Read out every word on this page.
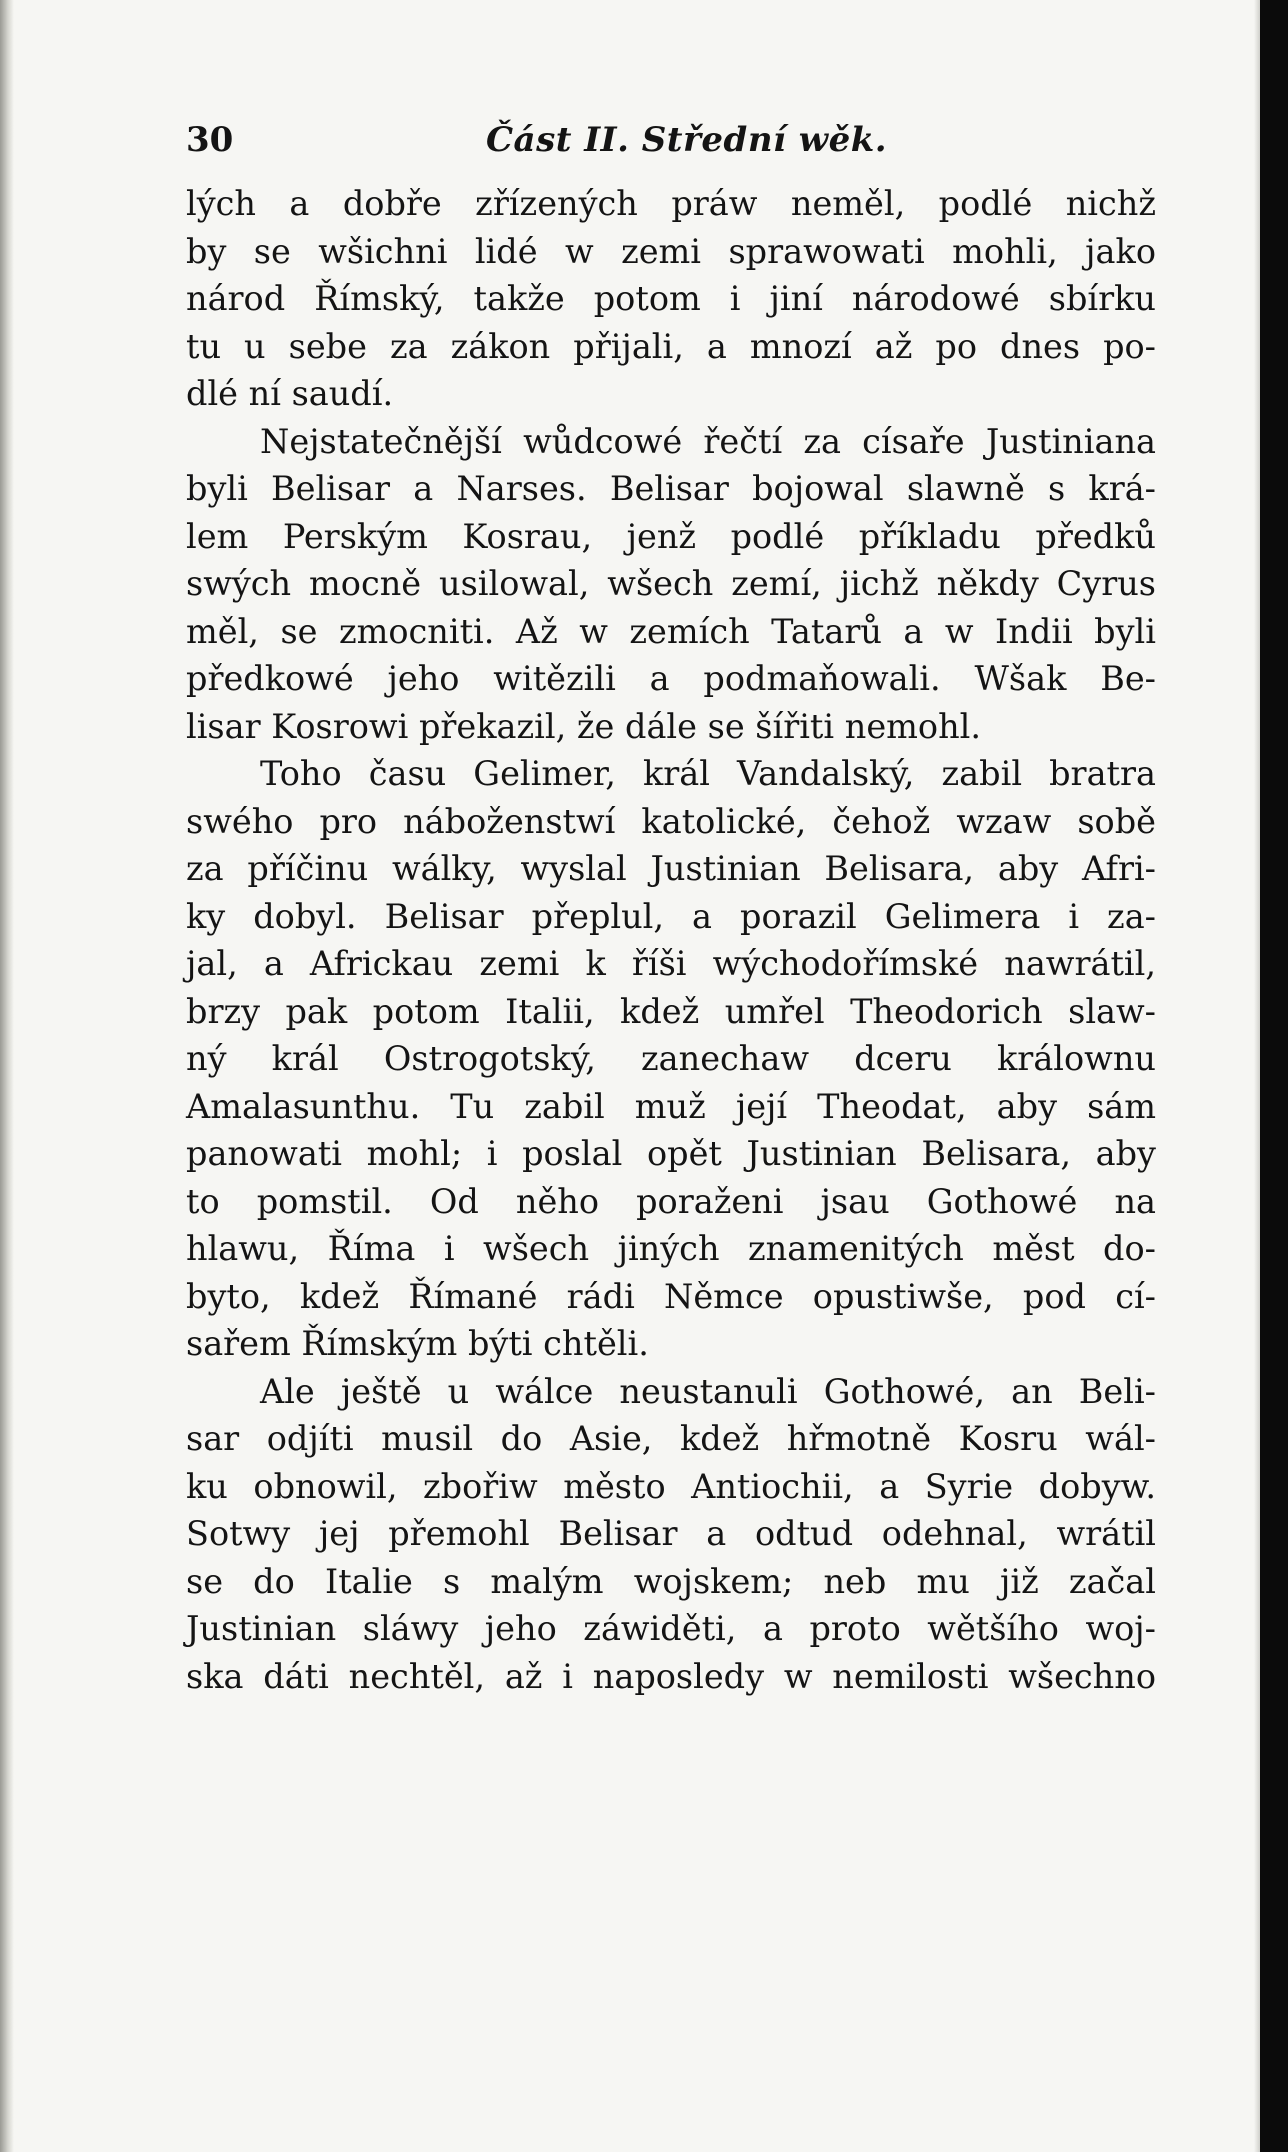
30	Část II. Střední wěk.

lých a dobře zřízených práw neměl, podlé nichž
by se wšichni lidé w zemi sprawowati mohli, jako
národ Římský, takže potom i jiní národowé sbírku
tu u sebe za zákon přijali, a mnozí až po dnes po-
dlé ní saudí.

Nejstatečnější wůdcowé řečtí za císaře Justiniana
byli Belisar a Narses. Belisar bojowal slawně s krá-
lem Perským Kosrau, jenž podlé příkladu předků
swých mocně usilowal, wšech zemí, jichž někdy Cyrus
měl, se zmocniti. Až w zemích Tatarů a w Indii byli
předkowé jeho witězili a podmaňowali. Wšak Be-
lisar Kosrowi překazil, že dále se šířiti nemohl.

Toho času Gelimer, král Vandalský, zabil bratra
swého pro náboženstwí katolické, čehož wzaw sobě
za příčinu wálky, wyslal Justinian Belisara, aby Afri-
ky dobyl. Belisar přeplul, a porazil Gelimera i za-
jal, a Africkau zemi k říši wýchodořímské nawrátil,
brzy pak potom Italii, kdež umřel Theodorich slaw-
ný král Ostrogotský, zanechaw dceru králownu
Amalasunthu. Tu zabil muž její Theodat, aby sám
panowati mohl; i poslal opět Justinian Belisara, aby
to pomstil. Od něho poraženi jsau Gothowé na
hlawu, Říma i wšech jiných znamenitých měst do-
byto, kdež Římané rádi Němce opustiwše, pod cí-
sařem Římským býti chtěli.

Ale ještě u wálce neustanuli Gothowé, an Beli-
sar odjíti musil do Asie, kdež hřmotně Kosru wál-
ku obnowil, zbořiw město Antiochii, a Syrie dobyw.
Sotwy jej přemohl Belisar a odtud odehnal, wrátil
se do Italie s malým wojskem; neb mu již začal
Justinian sláwy jeho záwiděti, a proto wětšího woj-
ska dáti nechtěl, až i naposledy w nemilosti wšechno
